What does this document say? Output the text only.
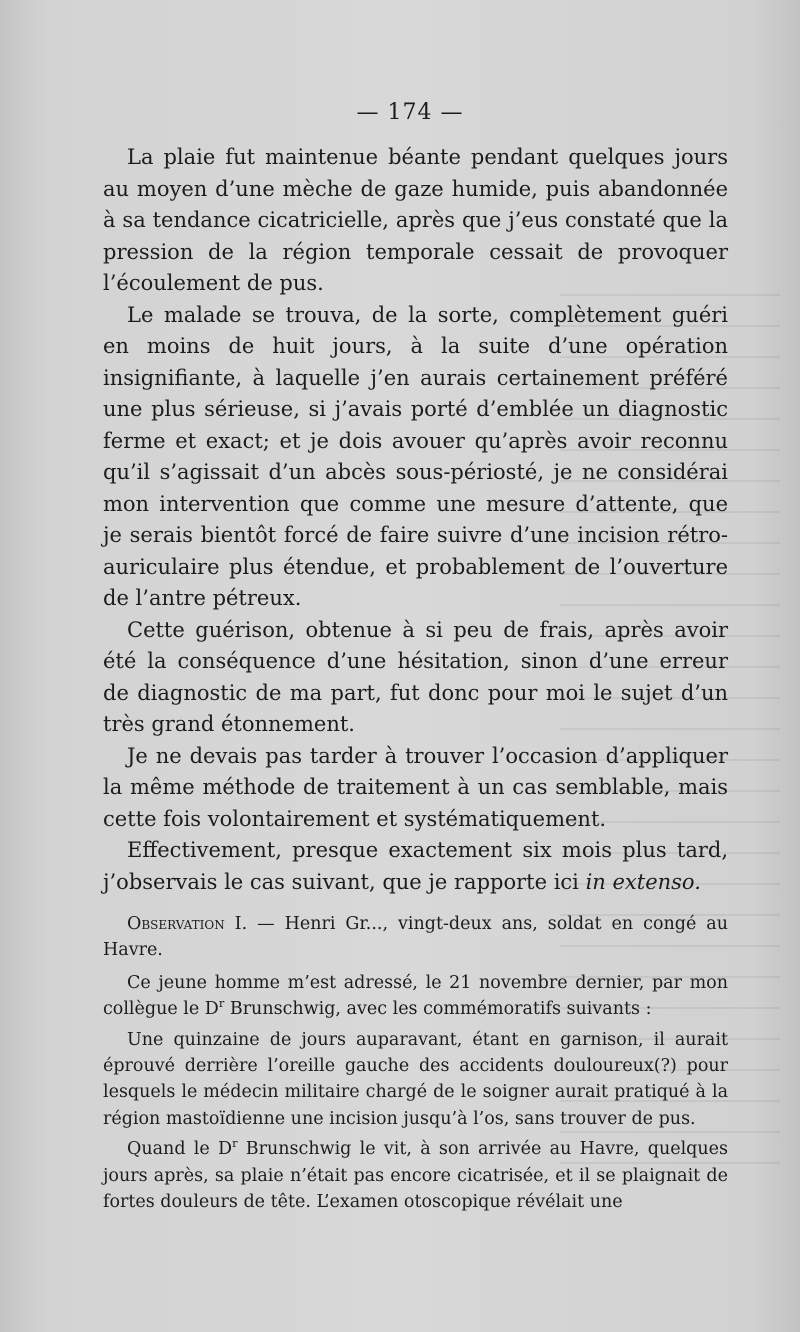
— 174 —

La plaie fut maintenue béante pendant quelques jours au moyen d’une mèche de gaze humide, puis abandonnée à sa tendance cicatricielle, après que j’eus constaté que la pression de la région temporale cessait de provoquer l’écoulement de pus.

Le malade se trouva, de la sorte, complètement guéri en moins de huit jours, à la suite d’une opération insignifiante, à laquelle j’en aurais certainement préféré une plus sérieuse, si j’avais porté d’emblée un diagnostic ferme et exact; et je dois avouer qu’après avoir reconnu qu’il s’agissait d’un abcès sous-périosté, je ne considérai mon intervention que comme une mesure d’attente, que je serais bientôt forcé de faire suivre d’une incision rétro-auriculaire plus étendue, et probablement de l’ouverture de l’antre pétreux.

Cette guérison, obtenue à si peu de frais, après avoir été la conséquence d’une hésitation, sinon d’une erreur de diagnostic de ma part, fut donc pour moi le sujet d’un très grand étonnement.

Je ne devais pas tarder à trouver l’occasion d’appliquer la même méthode de traitement à un cas semblable, mais cette fois volontairement et systématiquement.

Effectivement, presque exactement six mois plus tard, j’observais le cas suivant, que je rapporte ici in extenso.

Observation I. — Henri Gr..., vingt-deux ans, soldat en congé au Havre.

Ce jeune homme m’est adressé, le 21 novembre dernier, par mon collègue le $D^r$ Brunschwig, avec les commémoratifs suivants :

Une quinzaine de jours auparavant, étant en garnison, il aurait éprouvé derrière l’oreille gauche des accidents douloureux(?) pour lesquels le médecin militaire chargé de le soigner aurait pratiqué à la région mastoïdienne une incision jusqu’à l’os, sans trouver de pus.

Quand le $D^r$ Brunschwig le vit, à son arrivée au Havre, quelques jours après, sa plaie n’était pas encore cicatrisée, et il se plaignait de fortes douleurs de tête. L’examen otoscopique révélait une
